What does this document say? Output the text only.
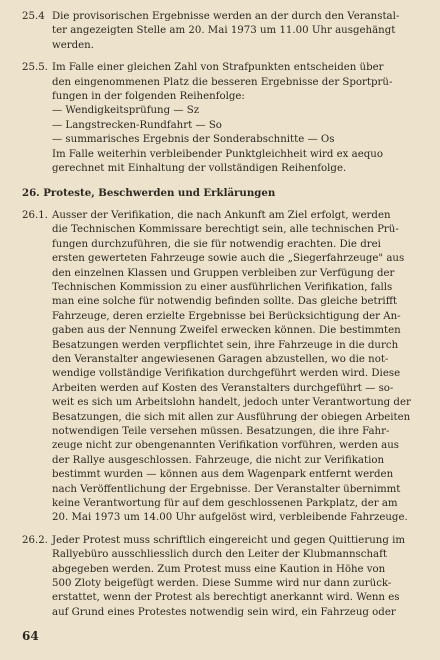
25.4 Die provisorischen Ergebnisse werden an der durch den Veranstal-
ter angezeigten Stelle am 20. Mai 1973 um 11.00 Uhr ausgehängt
werden.
25.5. Im Falle einer gleichen Zahl von Strafpunkten entscheiden über
den eingenommenen Platz die besseren Ergebnisse der Sportprü-
fungen in der folgenden Reihenfolge:
— Wendigkeitsprüfung — Sz
— Langstrecken-Rundfahrt — So
— summarisches Ergebnis der Sonderabschnitte — Os
Im Falle weiterhin verbleibender Punktgleichheit wird ex aequo
gerechnet mit Einhaltung der vollständigen Reihenfolge.
26. Proteste, Beschwerden und Erklärungen
26.1. Ausser der Verifikation, die nach Ankunft am Ziel erfolgt, werden
die Technischen Kommissare berechtigt sein, alle technischen Prü-
fungen durchzuführen, die sie für notwendig erachten. Die drei
ersten gewerteten Fahrzeuge sowie auch die „Siegerfahrzeuge" aus
den einzelnen Klassen und Gruppen verbleiben zur Verfügung der
Technischen Kommission zu einer ausführlichen Verifikation, falls
man eine solche für notwendig befinden sollte. Das gleiche betrifft
Fahrzeuge, deren erzielte Ergebnisse bei Berücksichtigung der An-
gaben aus der Nennung Zweifel erwecken können. Die bestimmten
Besatzungen werden verpflichtet sein, ihre Fahrzeuge in die durch
den Veranstalter angewiesenen Garagen abzustellen, wo die not-
wendige vollständige Verifikation durchgeführt werden wird. Diese
Arbeiten werden auf Kosten des Veranstalters durchgeführt — so-
weit es sich um Arbeitslohn handelt, jedoch unter Verantwortung der
Besatzungen, die sich mit allen zur Ausführung der obiegen Arbeiten
notwendigen Teile versehen müssen. Besatzungen, die ihre Fahr-
zeuge nicht zur obengenannten Verifikation vorführen, werden aus
der Rallye ausgeschlossen. Fahrzeuge, die nicht zur Verifikation
bestimmt wurden — können aus dem Wagenpark entfernt werden
nach Veröffentlichung der Ergebnisse. Der Veranstalter übernimmt
keine Verantwortung für auf dem geschlossenen Parkplatz, der am
20. Mai 1973 um 14.00 Uhr aufgelöst wird, verbleibende Fahrzeuge.
26.2. Jeder Protest muss schriftlich eingereicht und gegen Quittierung im
Rallyebüro ausschliesslich durch den Leiter der Klubmannschaft
abgegeben werden. Zum Protest muss eine Kaution in Höhe von
500 Zloty beigefügt werden. Diese Summe wird nur dann zurück-
erstattet, wenn der Protest als berechtigt anerkannt wird. Wenn es
auf Grund eines Protestes notwendig sein wird, ein Fahrzeug oder
64
